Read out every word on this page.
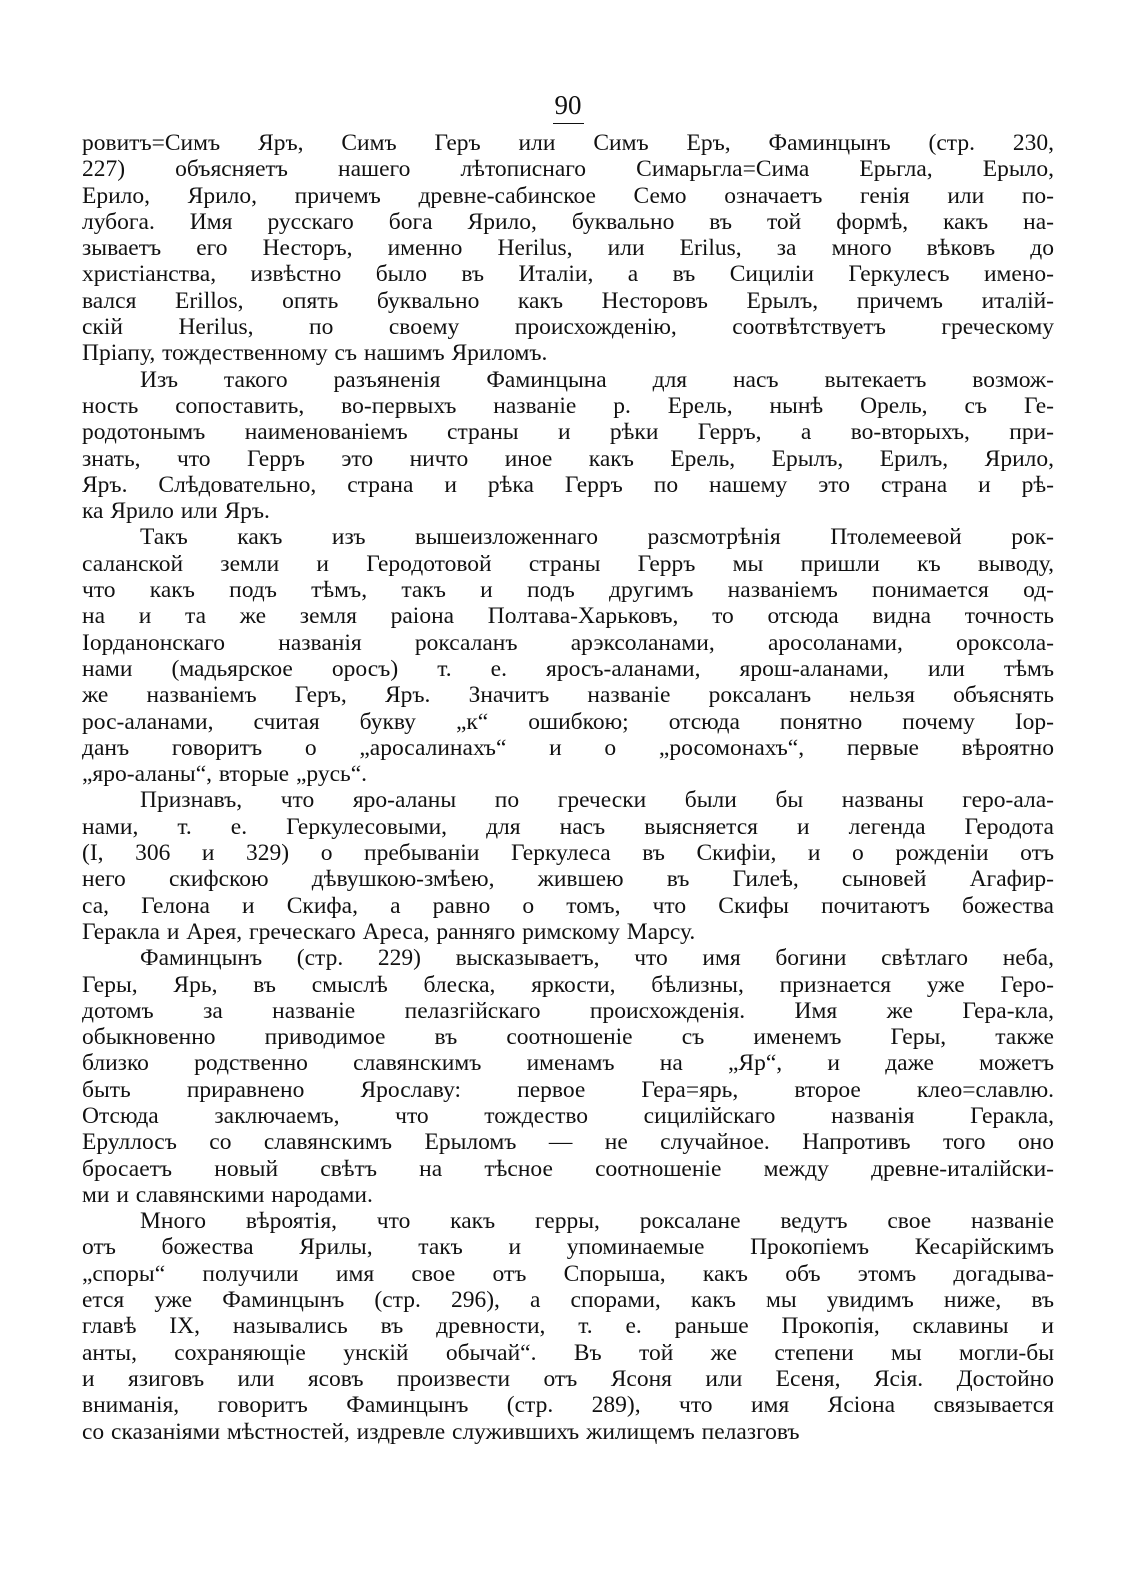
90

ровитъ=Симъ Яръ, Симъ Геръ или Симъ Еръ, Фаминцынъ (стр. 230,
227) объясняетъ нашего лѣтописнаго Симарьгла=Сима Ерьгла, Ерыло,
Ерило, Ярило, причемъ древне-сабинское Семо означаетъ генія или по-
лубога. Имя русскаго бога Ярило, буквально въ той формѣ, какъ на-
зываетъ его Несторъ, именно Herilus, или Erilus, за много вѣковъ до
христіанства, извѣстно было въ Италіи, а въ Сициліи Геркулесъ имено-
вался Erillos, опять буквально какъ Несторовъ Ерылъ, причемъ италій-
скій Herilus, по своему происхожденію, соотвѣтствуетъ греческому
Пріапу, тождественному съ нашимъ Яриломъ.

Изъ такого разъяненія Фаминцына для насъ вытекаетъ возмож-
ность сопоставить, во-первыхъ названіе р. Ерель, нынѣ Орель, съ Ге-
родотонымъ наименованіемъ страны и рѣки Герръ, а во-вторыхъ, при-
знать, что Герръ это ничто иное какъ Ерель, Ерылъ, Ерилъ, Ярило,
Яръ. Слѣдовательно, страна и рѣка Герръ по нашему это страна и рѣ-
ка Ярило или Яръ.

Такъ какъ изъ вышеизложеннаго разсмотрѣнія Птолемеевой рок-
саланской земли и Геродотовой страны Герръ мы пришли къ выводу,
что какъ подъ тѣмъ, такъ и подъ другимъ названіемъ понимается од-
на и та же земля раіона Полтава-Харьковъ, то отсюда видна точность
Іорданонскаго названія роксаланъ арэксоланами, аросоланами, ороксола-
нами (мадьярское оросъ) т. е. яросъ-аланами, ярош-аланами, или тѣмъ
же названіемъ Геръ, Яръ. Значитъ названіе роксаланъ нельзя объяснять
рос-аланами, считая букву „к“ ошибкою; отсюда понятно почему Іор-
данъ говоритъ о „аросалинахъ“ и о „росомонахъ“, первые вѣроятно
„яро-аланы“, вторые „русь“.

Признавъ, что яро-аланы по гречески были бы названы геро-ала-
нами, т. е. Геркулесовыми, для насъ выясняется и легенда Геродота
(I, 306 и 329) о пребываніи Геркулеса въ Скифіи, и о рожденіи отъ
него скифскою дѣвушкою-змѣею, жившею въ Гилеѣ, сыновей Агафир-
са, Гелона и Скифа, а равно о томъ, что Скифы почитаютъ божества
Геракла и Арея, греческаго Ареса, ранняго римскому Марсу.

Фаминцынъ (стр. 229) высказываетъ, что имя богини свѣтлаго неба,
Геры, Ярь, въ смыслѣ блеска, яркости, бѣлизны, признается уже Геро-
дотомъ за названіе пелазгійскаго происхожденія. Имя же Гера-кла,
обыкновенно приводимое въ соотношеніе съ именемъ Геры, также
близко родственно славянскимъ именамъ на „Яр“, и даже можетъ
быть приравнено Ярославу: первое Гера=ярь, второе клео=славлю.
Отсюда заключаемъ, что тождество сицилійскаго названія Геракла,
Еруллосъ со славянскимъ Ерыломъ — не случайное. Напротивъ того оно
бросаетъ новый свѣтъ на тѣсное соотношеніе между древне-италійски-
ми и славянскими народами.

Много вѣроятія, что какъ герры, роксалане ведутъ свое названіе
отъ божества Ярилы, такъ и упоминаемые Прокопіемъ Кесарійскимъ
„споры“ получили имя свое отъ Спорыша, какъ объ этомъ догадыва-
ется уже Фаминцынъ (стр. 296), а спорами, какъ мы увидимъ ниже, въ
главѣ IX, назывались въ древности, т. е. раньше Прокопія, склавины и
анты, сохраняющіе унскій обычай“. Въ той же степени мы могли-бы
и язиговъ или ясовъ произвести отъ Ясоня или Есеня, Ясія. Достойно
вниманія, говоритъ Фаминцынъ (стр. 289), что имя Ясіона связывается
со сказаніями мѣстностей, издревле служившихъ жилищемъ пелазговъ
